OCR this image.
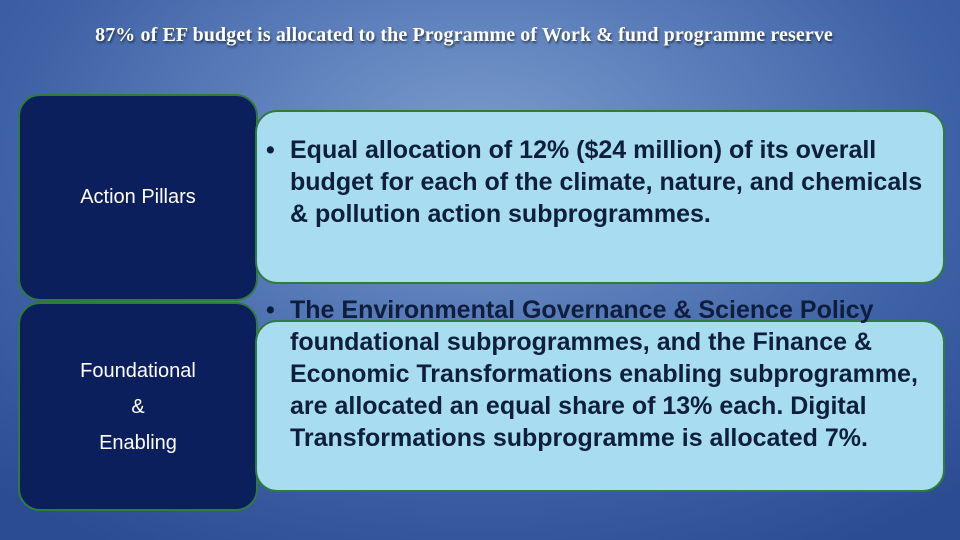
87% of EF budget is allocated to the Programme of Work & fund programme reserve
Action Pillars
Foundational
&
Enabling

• Equal allocation of 12% ($24 million) of its overall budget for each of the climate, nature, and chemicals & pollution action subprogrammes.

• The Environmental Governance & Science Policy foundational subprogrammes, and the Finance & Economic Transformations enabling subprogramme, are allocated an equal share of 13% each. Digital Transformations subprogramme is allocated 7%.
